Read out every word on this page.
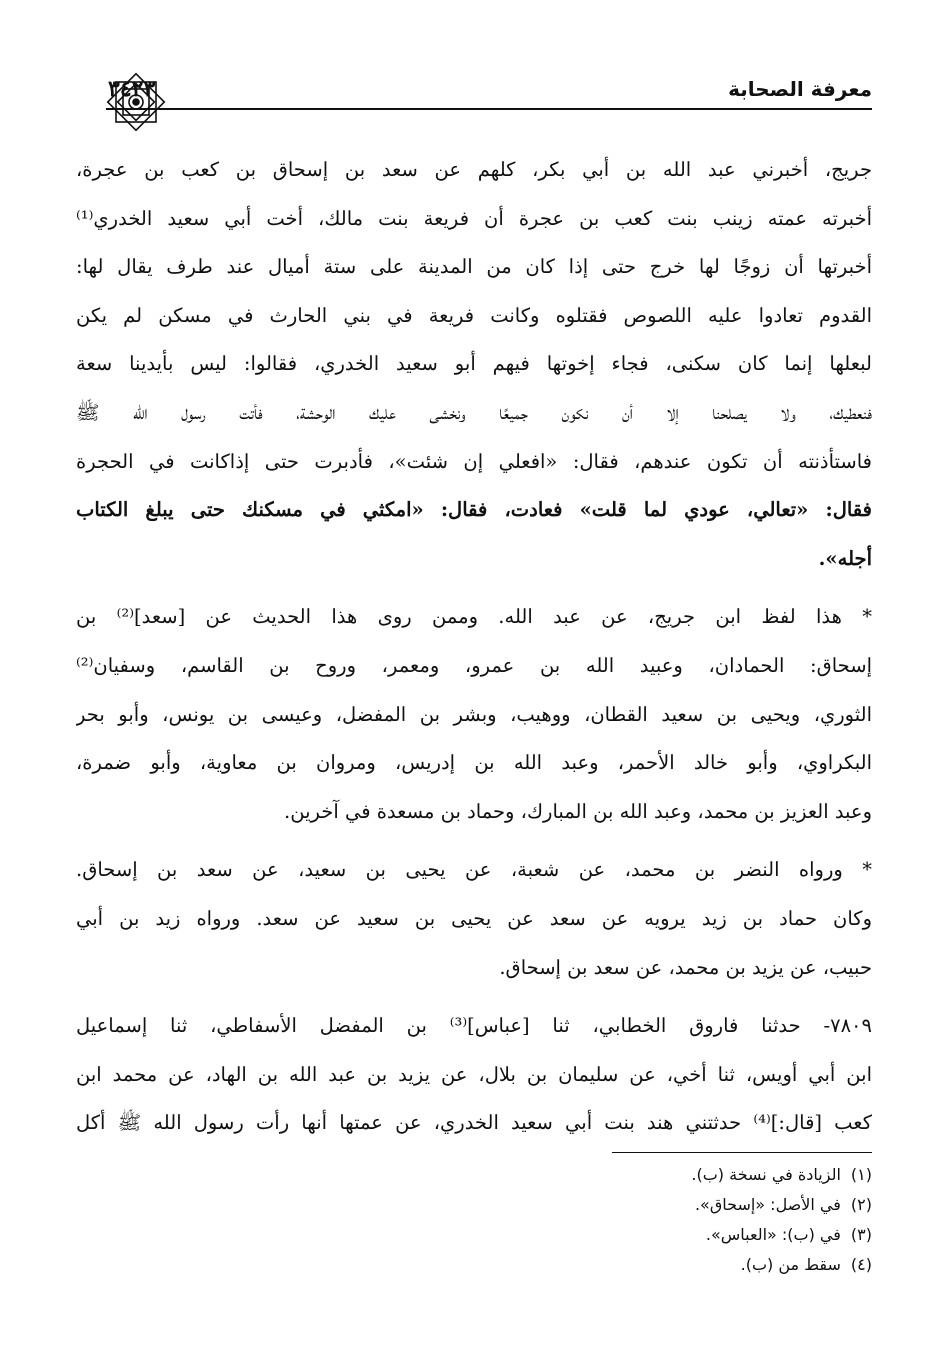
معرفة الصحابة
٣٤٢٣

جريج، أخبرني عبد الله بن أبي بكر، كلهم عن سعد بن إسحاق بن كعب بن عجرة،
أخبرته عمته زينب بنت كعب بن عجرة أن فريعة بنت مالك، أخت أبي سعيد الخدري⁽¹⁾
أخبرتها أن زوجًا لها خرج حتى إذا كان من المدينة على ستة أميال عند طرف يقال لها:
القدوم تعادوا عليه اللصوص فقتلوه وكانت فريعة في بني الحارث في مسكن لم يكن
لبعلها إنما كان سكنى، فجاء إخوتها فيهم أبو سعيد الخدري، فقالوا: ليس بأيدينا سعة
فنعطيك، ولا يصلحنا إلا أن نكون جميعًا ونخشى عليك الوحشة، فأتت رسول الله ﷺ
فاستأذنته أن تكون عندهم، فقال: «افعلي إن شئت»، فأدبرت حتى إذاكانت في الحجرة
فقال: «تعالي، عودي لما قلت» فعادت، فقال: «امكثي في مسكنك حتى يبلغ الكتاب
أجله».

* هذا لفظ ابن جريج، عن عبد الله. وممن روى هذا الحديث عن [سعد]⁽²⁾ بن
إسحاق: الحمادان، وعبيد الله بن عمرو، ومعمر، وروح بن القاسم، وسفيان⁽²⁾
الثوري، ويحيى بن سعيد القطان، ووهيب، وبشر بن المفضل، وعيسى بن يونس، وأبو بحر
البكراوي، وأبو خالد الأحمر، وعبد الله بن إدريس، ومروان بن معاوية، وأبو ضمرة،
وعبد العزيز بن محمد، وعبد الله بن المبارك، وحماد بن مسعدة في آخرين.

* ورواه النضر بن محمد، عن شعبة، عن يحيى بن سعيد، عن سعد بن إسحاق.
وكان حماد بن زيد يرويه عن سعد عن يحيى بن سعيد عن سعد. ورواه زيد بن أبي
حبيب، عن يزيد بن محمد، عن سعد بن إسحاق.

٧٨٠٩- حدثنا فاروق الخطابي، ثنا [عباس]⁽³⁾ بن المفضل الأسفاطي، ثنا إسماعيل
ابن أبي أويس، ثنا أخي، عن سليمان بن بلال، عن يزيد بن عبد الله بن الهاد، عن محمد ابن
كعب [قال:]⁽⁴⁾ حدثتني هند بنت أبي سعيد الخدري، عن عمتها أنها رأت رسول الله ﷺ أكل

(١)الزيادة في نسخة (ب).
(٢)في الأصل: «إسحاق».
(٣)في (ب): «العباس».
(٤)سقط من (ب).
